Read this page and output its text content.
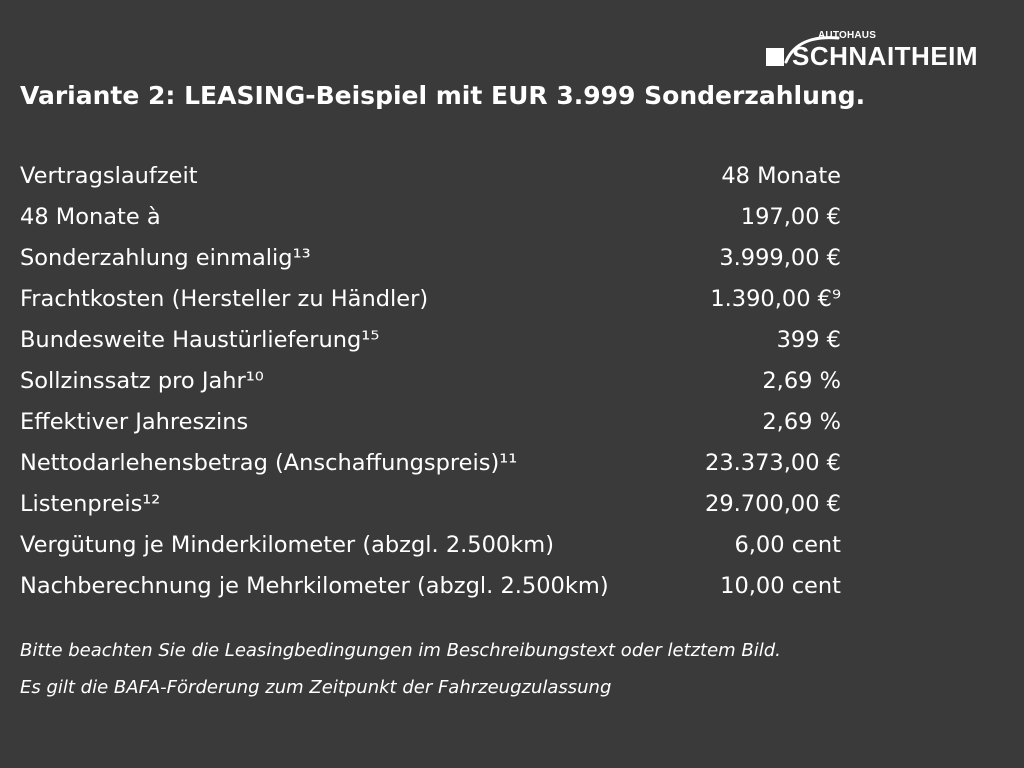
AUTOHAUS
SCHNAITHEIM
Variante 2: LEASING-Beispiel mit EUR 3.999 Sonderzahlung.
Vertragslaufzeit	48 Monate
48 Monate à	197,00 €
Sonderzahlung einmalig¹³	3.999,00 €
Frachtkosten (Hersteller zu Händler)	1.390,00 €⁹
Bundesweite Haustürlieferung¹⁵	399 €
Sollzinssatz pro Jahr¹⁰	2,69 %
Effektiver Jahreszins	2,69 %
Nettodarlehensbetrag (Anschaffungspreis)¹¹	23.373,00 €
Listenpreis¹²	29.700,00 €
Vergütung je Minderkilometer (abzgl. 2.500km)	6,00 cent
Nachberechnung je Mehrkilometer (abzgl. 2.500km)	10,00 cent
Bitte beachten Sie die Leasingbedingungen im Beschreibungstext oder letztem Bild.
Es gilt die BAFA-Förderung zum Zeitpunkt der Fahrzeugzulassung
